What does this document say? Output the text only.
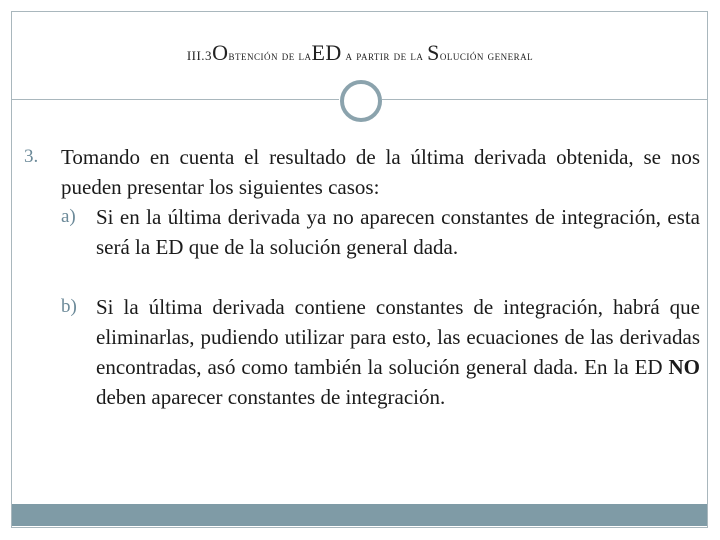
III.3Obtención de laED a partir de la Solución general
3. Tomando en cuenta el resultado de la última derivada obtenida, se nos pueden presentar los siguientes casos:
a) Si en la última derivada ya no aparecen constantes de integración, esta será la ED que de la solución general dada.
b) Si la última derivada contiene constantes de integración, habrá que eliminarlas, pudiendo utilizar para esto, las ecuaciones de las derivadas encontradas, asó como también la solución general dada. En la ED NO deben aparecer constantes de integración.
